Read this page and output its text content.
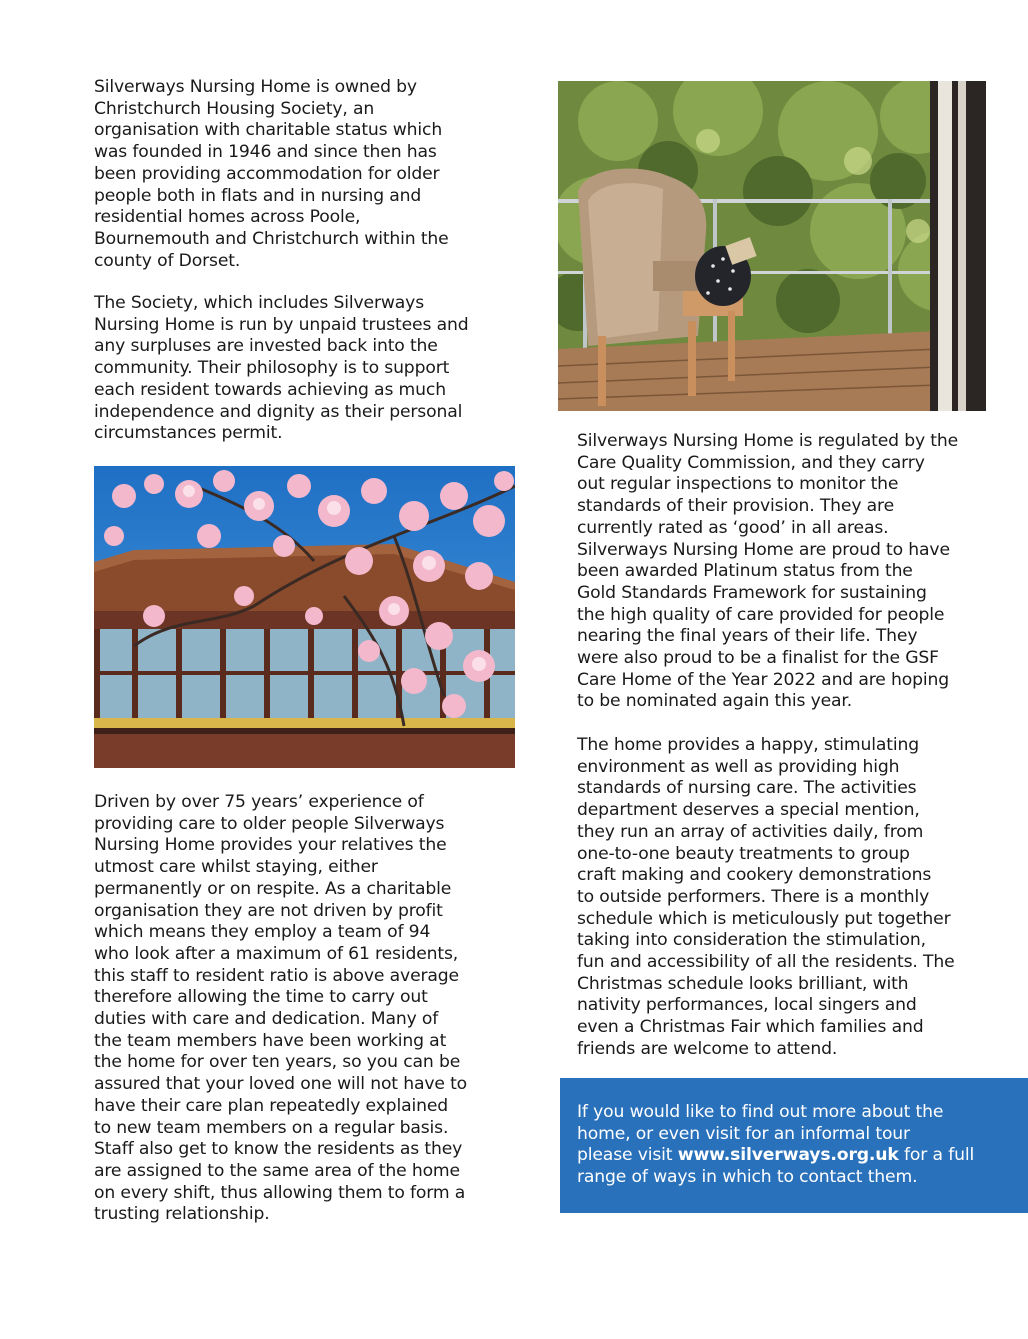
Silverways Nursing Home is owned by
Christchurch Housing Society, an
organisation with charitable status which
was founded in 1946 and since then has
been providing accommodation for older
people both in flats and in nursing and
residential homes across Poole,
Bournemouth and Christchurch within the
county of Dorset.

The Society, which includes Silverways
Nursing Home is run by unpaid trustees and
any surpluses are invested back into the
community. Their philosophy is to support
each resident towards achieving as much
independence and dignity as their personal
circumstances permit.

Driven by over 75 years’ experience of
providing care to older people Silverways
Nursing Home provides your relatives the
utmost care whilst staying, either
permanently or on respite. As a charitable
organisation they are not driven by profit
which means they employ a team of 94
who look after a maximum of 61 residents,
this staff to resident ratio is above average
therefore allowing the time to carry out
duties with care and dedication. Many of
the team members have been working at
the home for over ten years, so you can be
assured that your loved one will not have to
have their care plan repeatedly explained
to new team members on a regular basis.
Staff also get to know the residents as they
are assigned to the same area of the home
on every shift, thus allowing them to form a
trusting relationship.

Silverways Nursing Home is regulated by the
Care Quality Commission, and they carry
out regular inspections to monitor the
standards of their provision. They are
currently rated as ‘good’ in all areas.
Silverways Nursing Home are proud to have
been awarded Platinum status from the
Gold Standards Framework for sustaining
the high quality of care provided for people
nearing the final years of their life. They
were also proud to be a finalist for the GSF
Care Home of the Year 2022 and are hoping
to be nominated again this year.

The home provides a happy, stimulating
environment as well as providing high
standards of nursing care. The activities
department deserves a special mention,
they run an array of activities daily, from
one-to-one beauty treatments to group
craft making and cookery demonstrations
to outside performers. There is a monthly
schedule which is meticulously put together
taking into consideration the stimulation,
fun and accessibility of all the residents. The
Christmas schedule looks brilliant, with
nativity performances, local singers and
even a Christmas Fair which families and
friends are welcome to attend.

If you would like to find out more about the
home, or even visit for an informal tour
please visit www.silverways.org.uk for a full
range of ways in which to contact them.
